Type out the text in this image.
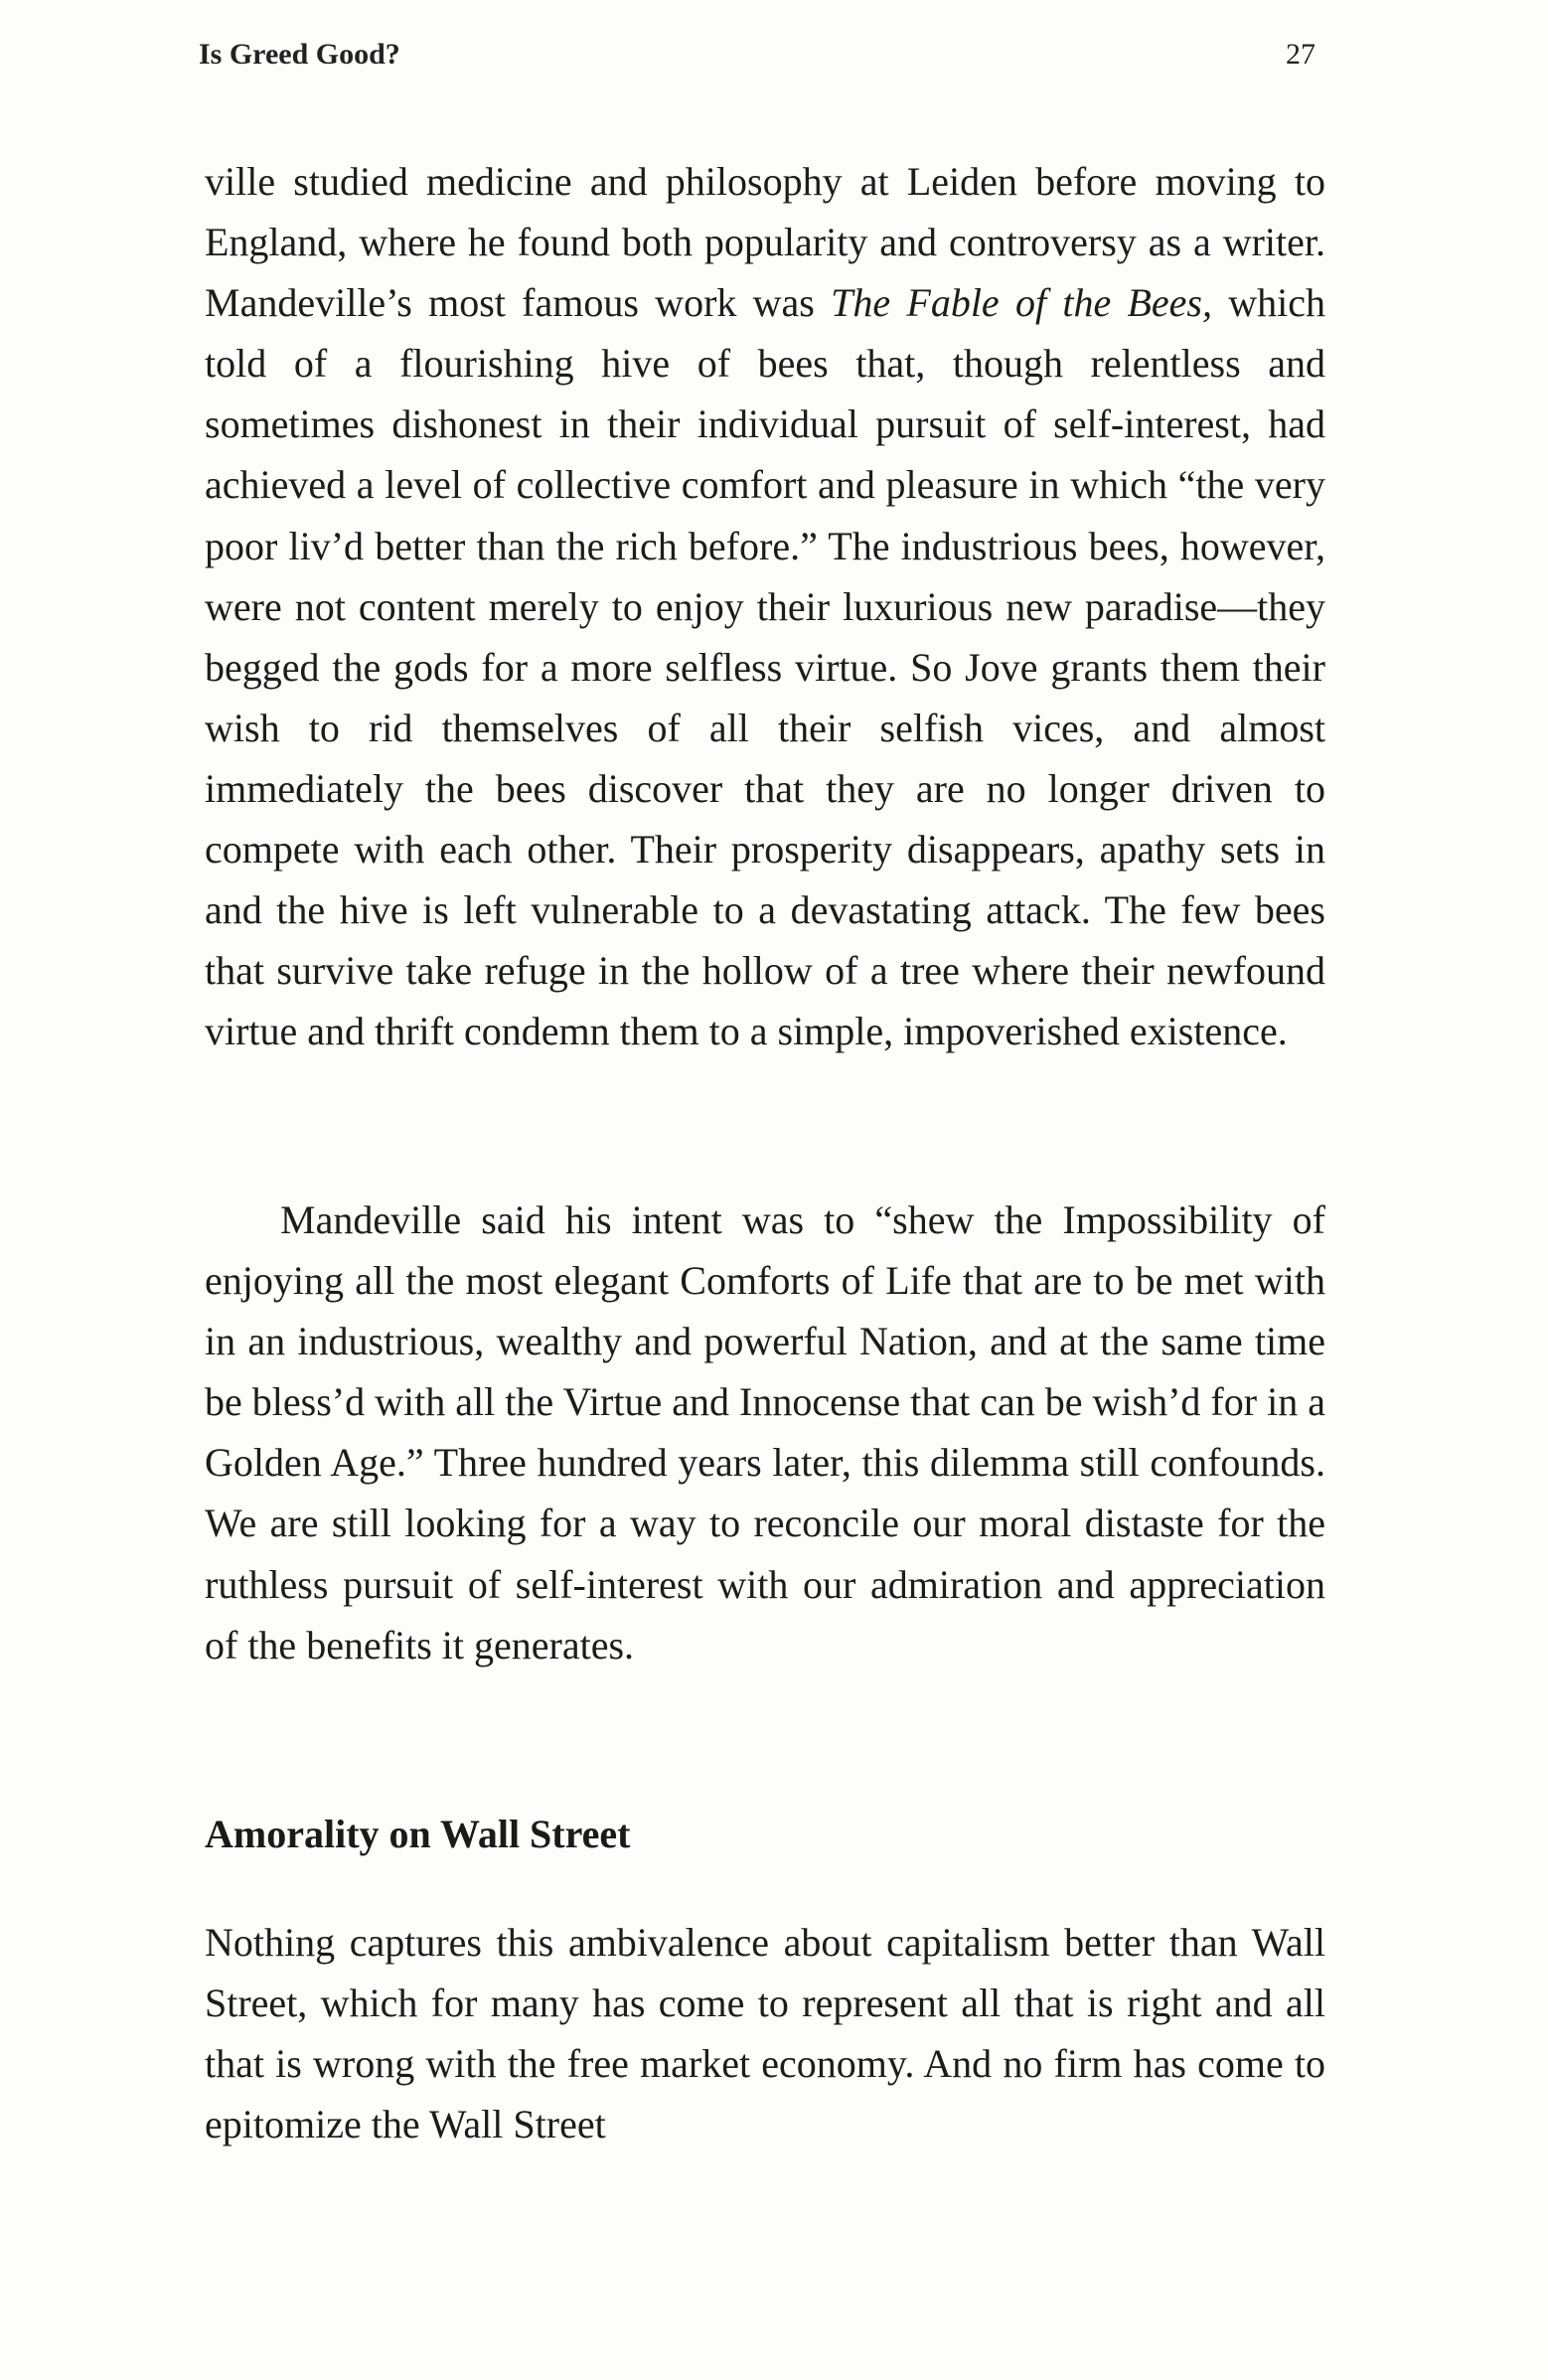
Is Greed Good?	27

ville studied medicine and philosophy at Leiden before moving to England, where he found both popularity and controversy as a writer. Mandeville’s most famous work was The Fable of the Bees, which told of a flourishing hive of bees that, though relentless and sometimes dishonest in their individual pursuit of self-interest, had achieved a level of collective comfort and pleasure in which “the very poor liv’d better than the rich before.” The industrious bees, however, were not content merely to enjoy their luxurious new paradise—they begged the gods for a more selfless virtue. So Jove grants them their wish to rid themselves of all their selfish vices, and almost immediately the bees discover that they are no longer driven to compete with each other. Their prosperity disappears, apathy sets in and the hive is left vulnerable to a devastating attack. The few bees that survive take refuge in the hollow of a tree where their newfound virtue and thrift condemn them to a simple, impoverished existence.

Mandeville said his intent was to “shew the Impossibility of enjoying all the most elegant Comforts of Life that are to be met with in an industrious, wealthy and powerful Nation, and at the same time be bless’d with all the Virtue and Innocense that can be wish’d for in a Golden Age.” Three hundred years later, this dilemma still confounds. We are still looking for a way to reconcile our moral distaste for the ruthless pursuit of self-interest with our admiration and appreciation of the benefits it generates.

Amorality on Wall Street

Nothing captures this ambivalence about capitalism better than Wall Street, which for many has come to represent all that is right and all that is wrong with the free market economy. And no firm has come to epitomize the Wall Street
